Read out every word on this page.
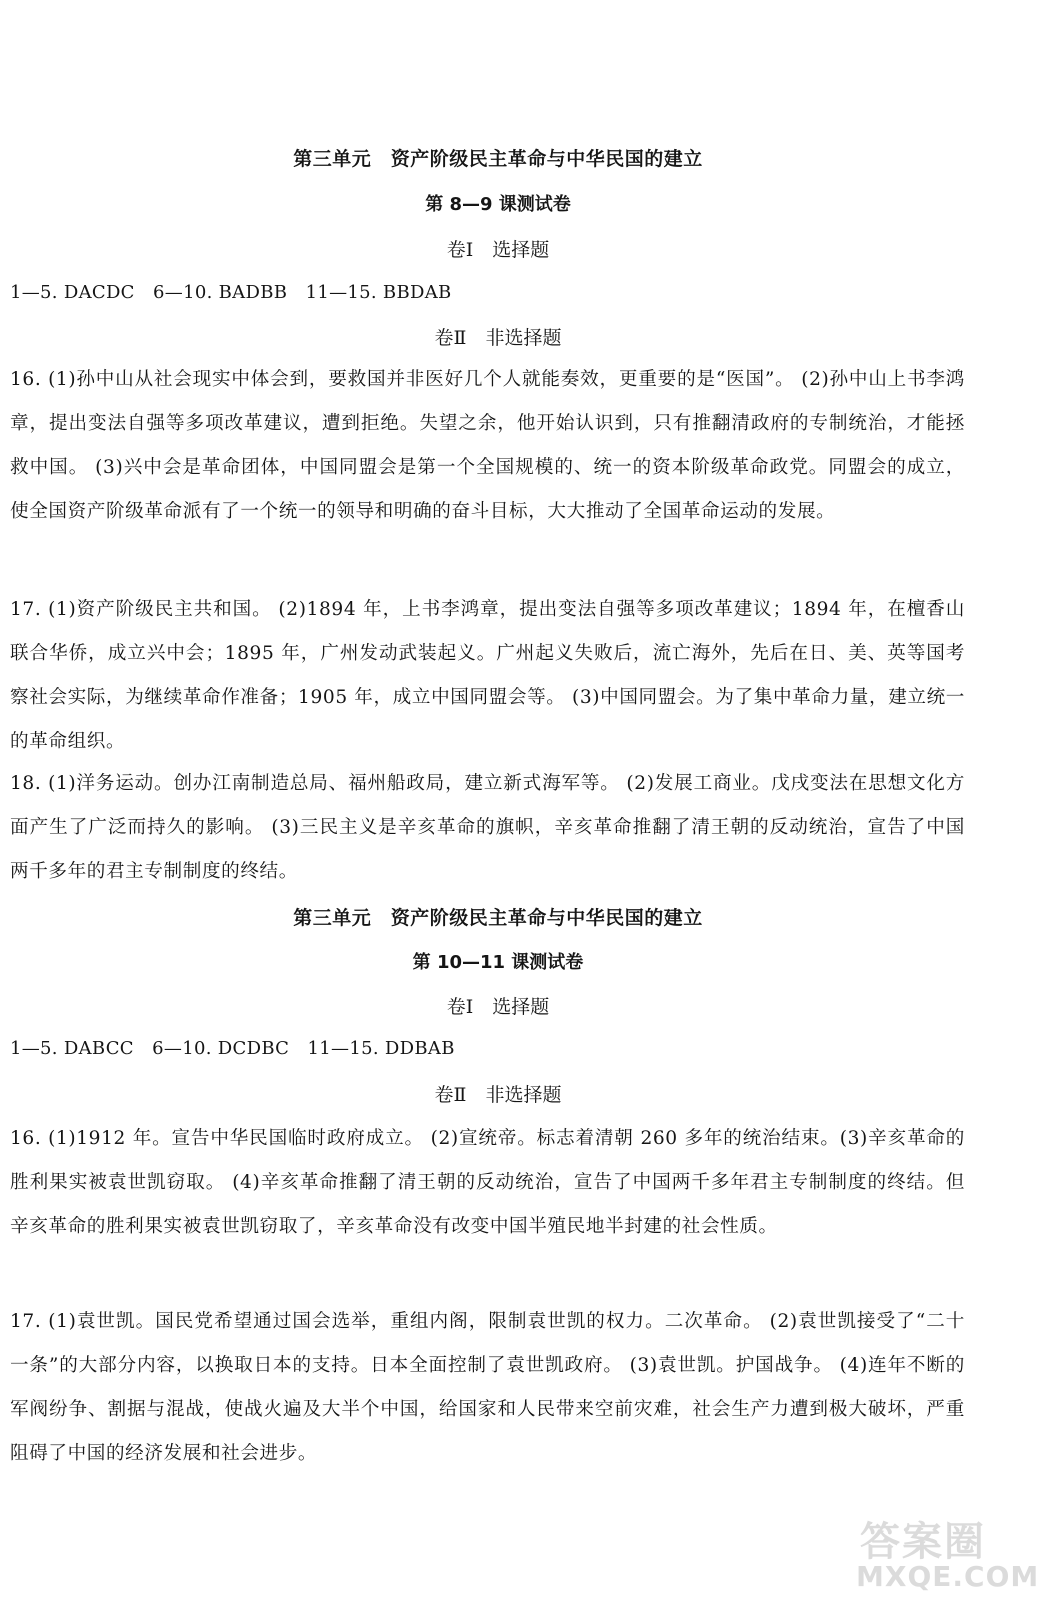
第三单元　资产阶级民主革命与中华民国的建立
第 8—9 课测试卷
卷Ⅰ　选择题
1—5. DACDC　6—10. BADBB　11—15. BBDAB
卷Ⅱ　非选择题

16. (1)孙中山从社会现实中体会到，要救国并非医好几个人就能奏效，更重要的是“医国”。 (2)孙中山上书李鸿章，提出变法自强等多项改革建议，遭到拒绝。失望之余，他开始认识到，只有推翻清政府的专制统治，才能拯救中国。 (3)兴中会是革命团体，中国同盟会是第一个全国规模的、统一的资本阶级革命政党。同盟会的成立，使全国资产阶级革命派有了一个统一的领导和明确的奋斗目标，大大推动了全国革命运动的发展。

17. (1)资产阶级民主共和国。 (2)1894 年，上书李鸿章，提出变法自强等多项改革建议；1894 年，在檀香山联合华侨，成立兴中会；1895 年，广州发动武装起义。广州起义失败后，流亡海外，先后在日、美、英等国考察社会实际，为继续革命作准备；1905 年，成立中国同盟会等。 (3)中国同盟会。为了集中革命力量，建立统一的革命组织。

18. (1)洋务运动。创办江南制造总局、福州船政局，建立新式海军等。 (2)发展工商业。戊戌变法在思想文化方面产生了广泛而持久的影响。 (3)三民主义是辛亥革命的旗帜，辛亥革命推翻了清王朝的反动统治，宣告了中国两千多年的君主专制制度的终结。

第三单元　资产阶级民主革命与中华民国的建立
第 10—11 课测试卷
卷Ⅰ　选择题
1—5. DABCC　6—10. DCDBC　11—15. DDBAB
卷Ⅱ　非选择题

16. (1)1912 年。宣告中华民国临时政府成立。 (2)宣统帝。标志着清朝 260 多年的统治结束。(3)辛亥革命的胜利果实被袁世凯窃取。 (4)辛亥革命推翻了清王朝的反动统治，宣告了中国两千多年君主专制制度的终结。但辛亥革命的胜利果实被袁世凯窃取了，辛亥革命没有改变中国半殖民地半封建的社会性质。

17. (1)袁世凯。国民党希望通过国会选举，重组内阁，限制袁世凯的权力。二次革命。 (2)袁世凯接受了“二十一条”的大部分内容，以换取日本的支持。日本全面控制了袁世凯政府。 (3)袁世凯。护国战争。 (4)连年不断的军阀纷争、割据与混战，使战火遍及大半个中国，给国家和人民带来空前灾难，社会生产力遭到极大破坏，严重阻碍了中国的经济发展和社会进步。

答案圈
MXQE.COM
